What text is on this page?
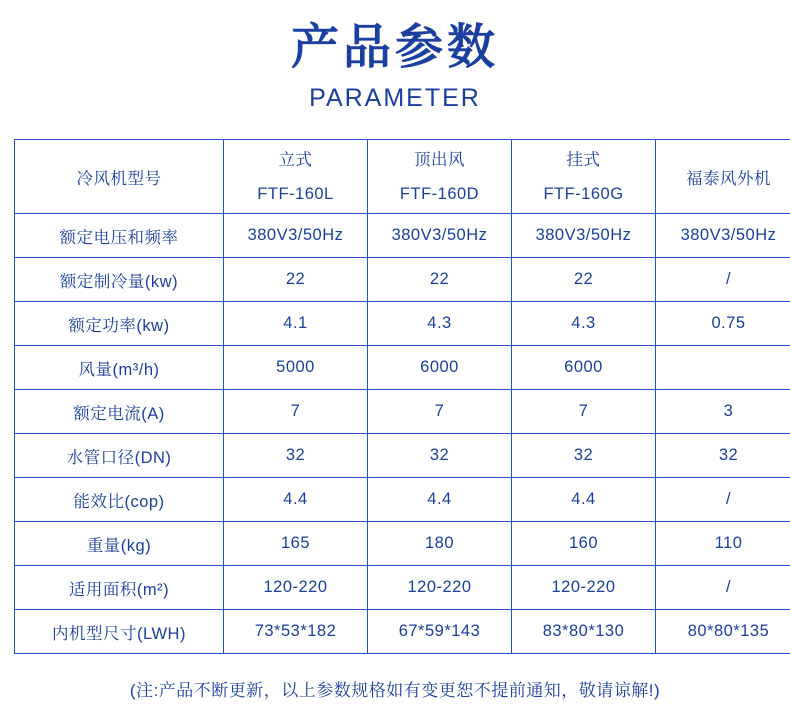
产品参数
PARAMETER
冷风机型号	立式	顶出风	挂式	福泰风外机
	FTF-160L	FTF-160D	FTF-160G	
额定电压和频率	380V3/50Hz	380V3/50Hz	380V3/50Hz	380V3/50Hz
额定制冷量(kw)	22	22	22	/
额定功率(kw)	4.1	4.3	4.3	0.75
风量(m³/h)	5000	6000	6000	
额定电流(A)	7	7	7	3
水管口径(DN)	32	32	32	32
能效比(cop)	4.4	4.4	4.4	/
重量(kg)	165	180	160	110
适用面积(m²)	120-220	120-220	120-220	/
内机型尺寸(LWH)	73*53*182	67*59*143	83*80*130	80*80*135
(注:产品不断更新，以上参数规格如有变更恕不提前通知，敬请谅解!)
